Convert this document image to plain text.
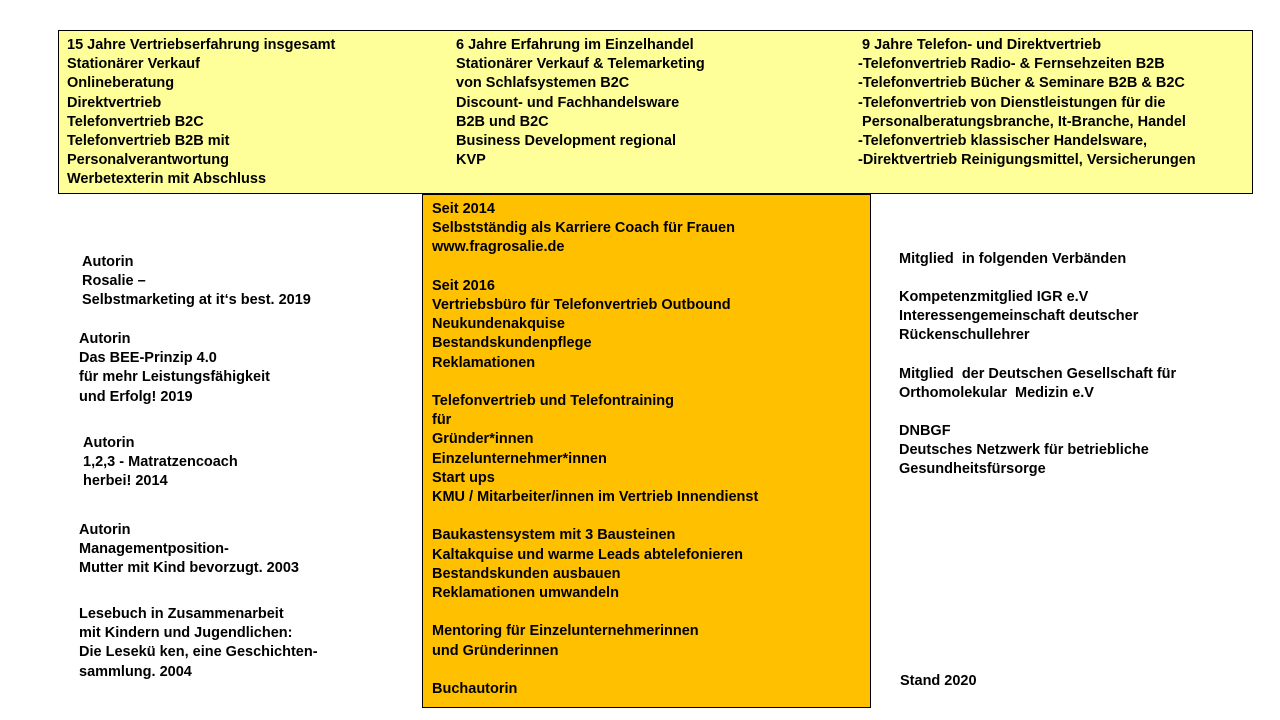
15 Jahre Vertriebserfahrung insgesamt
Stationärer Verkauf
Onlineberatung
Direktvertrieb
Telefonvertrieb B2C
Telefonvertrieb B2B mit
Personalverantwortung
Werbetexterin mit Abschluss
6 Jahre Erfahrung im Einzelhandel
Stationärer Verkauf & Telemarketing
von Schlafsystemen B2C
Discount- und Fachhandelsware
B2B und B2C
Business Development regional
KVP
9 Jahre Telefon- und Direktvertrieb
-Telefonvertrieb Radio- & Fernsehzeiten B2B
-Telefonvertrieb Bücher & Seminare B2B & B2C
-Telefonvertrieb von Dienstleistungen für die
Personalberatungsbranche, It-Branche, Handel
-Telefonvertrieb klassischer Handelsware,
-Direktvertrieb Reinigungsmittel, Versicherungen
Seit 2014
Selbstständig als Karriere Coach für Frauen
www.fragrosalie.de
Seit 2016
Vertriebsbüro für Telefonvertrieb Outbound
Neukundenakquise
Bestandskundenpflege
Reklamationen
Telefonvertrieb und Telefontraining
für
Gründer*innen
Einzelunternehmer*innen
Start ups
KMU / Mitarbeiter/innen im Vertrieb Innendienst
Baukastensystem mit 3 Bausteinen
Kaltakquise und warme Leads abtelefonieren
Bestandskunden ausbauen
Reklamationen umwandeln
Mentoring für Einzelunternehmerinnen
und Gründerinnen
Buchautorin
Autorin
Rosalie –
Selbstmarketing at it‘s best. 2019
Autorin
Das BEE-Prinzip 4.0
für mehr Leistungsfähigkeit
und Erfolg! 2019
Autorin
1,2,3 - Matratzencoach
herbei! 2014
Autorin
Managementposition-
Mutter mit Kind bevorzugt. 2003
Lesebuch in Zusammenarbeit
mit Kindern und Jugendlichen:
Die Lesekü ken, eine Geschichten-
sammlung. 2004
Mitglied  in folgenden Verbänden
Kompetenzmitglied IGR e.V
Interessengemeinschaft deutscher
Rückenschullehrer
Mitglied  der Deutschen Gesellschaft für
Orthomolekular  Medizin e.V
DNBGF
Deutsches Netzwerk für betriebliche
Gesundheitsfürsorge
Stand 2020
